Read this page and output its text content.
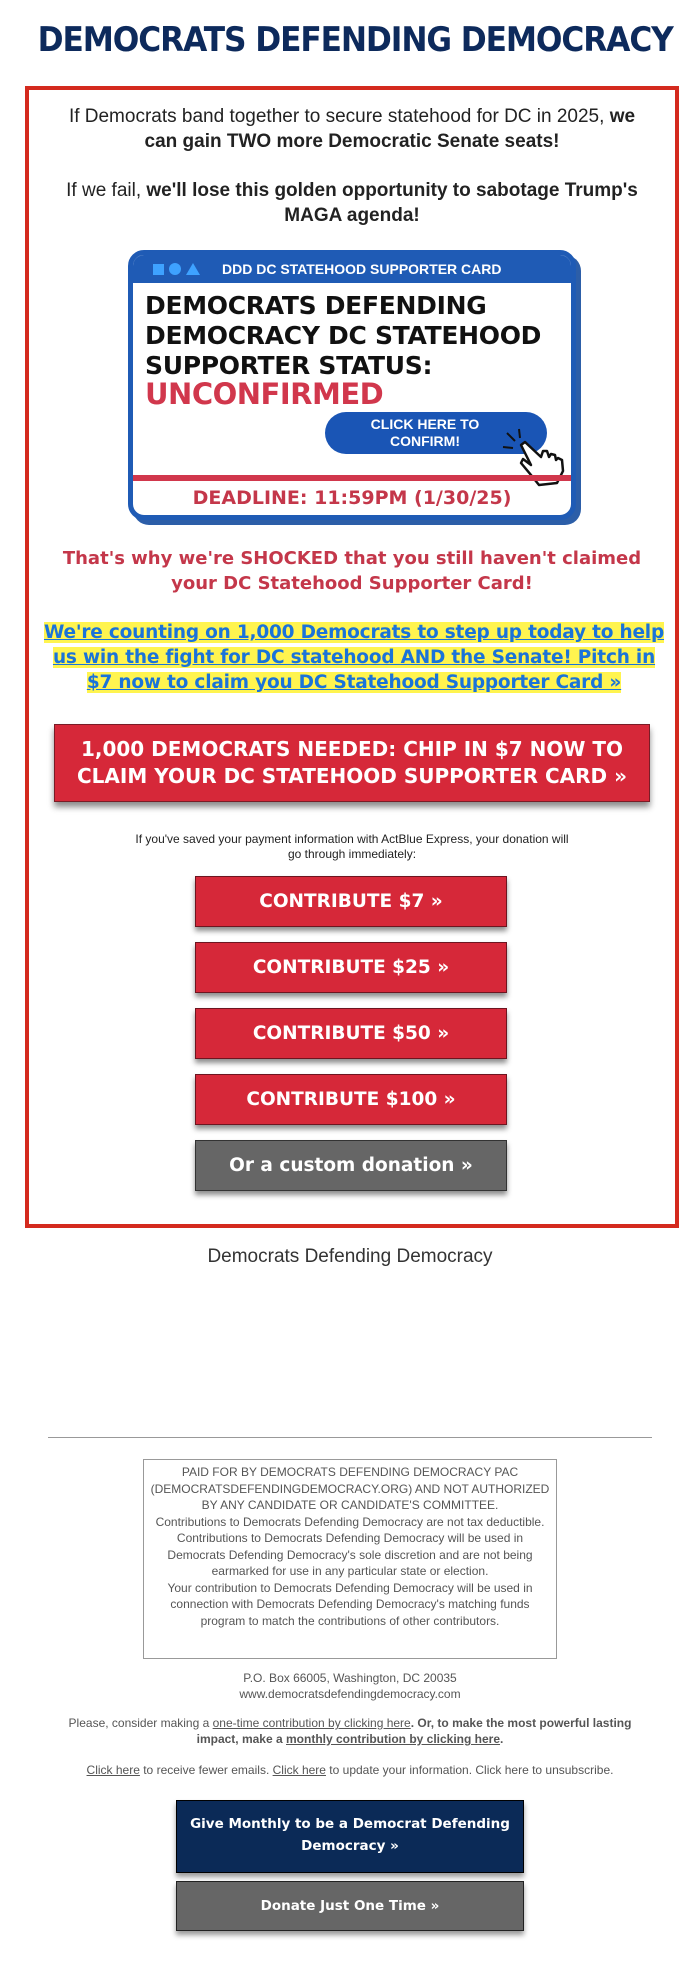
DEMOCRATS DEFENDING DEMOCRACY

If Democrats band together to secure statehood for DC in 2025, we can gain TWO more Democratic Senate seats!

If we fail, we'll lose this golden opportunity to sabotage Trump's MAGA agenda!

DDD DC STATEHOOD SUPPORTER CARD
DEMOCRATS DEFENDING
DEMOCRACY DC STATEHOOD
SUPPORTER STATUS:
UNCONFIRMED
CLICK HERE TO
CONFIRM!
DEADLINE: 11:59PM (1/30/25)

That's why we're SHOCKED that you still haven't claimed your DC Statehood Supporter Card!

We're counting on 1,000 Democrats to step up today to help us win the fight for DC statehood AND the Senate! Pitch in $7 now to claim you DC Statehood Supporter Card »
1,000 DEMOCRATS NEEDED: CHIP IN $7 NOW TO CLAIM YOUR DC STATEHOOD SUPPORTER CARD »

If you've saved your payment information with ActBlue Express, your donation will go through immediately:

CONTRIBUTE $7 »
CONTRIBUTE $25 »
CONTRIBUTE $50 »
CONTRIBUTE $100 »
Or a custom donation »
Democrats Defending Democracy
PAID FOR BY DEMOCRATS DEFENDING DEMOCRACY PAC (DEMOCRATSDEFENDINGDEMOCRACY.ORG) AND NOT AUTHORIZED BY ANY CANDIDATE OR CANDIDATE'S COMMITTEE.
Contributions to Democrats Defending Democracy are not tax deductible.
Contributions to Democrats Defending Democracy will be used in Democrats Defending Democracy's sole discretion and are not being earmarked for use in any particular state or election.
Your contribution to Democrats Defending Democracy will be used in connection with Democrats Defending Democracy's matching funds program to match the contributions of other contributors.
P.O. Box 66005, Washington, DC 20035
www.democratsdefendingdemocracy.com

Please, consider making a one-time contribution by clicking here. Or, to make the most powerful lasting impact, make a monthly contribution by clicking here.

Click here to receive fewer emails. Click here to update your information. Click here to unsubscribe.

Give Monthly to be a Democrat Defending
Democracy »
Donate Just One Time »
